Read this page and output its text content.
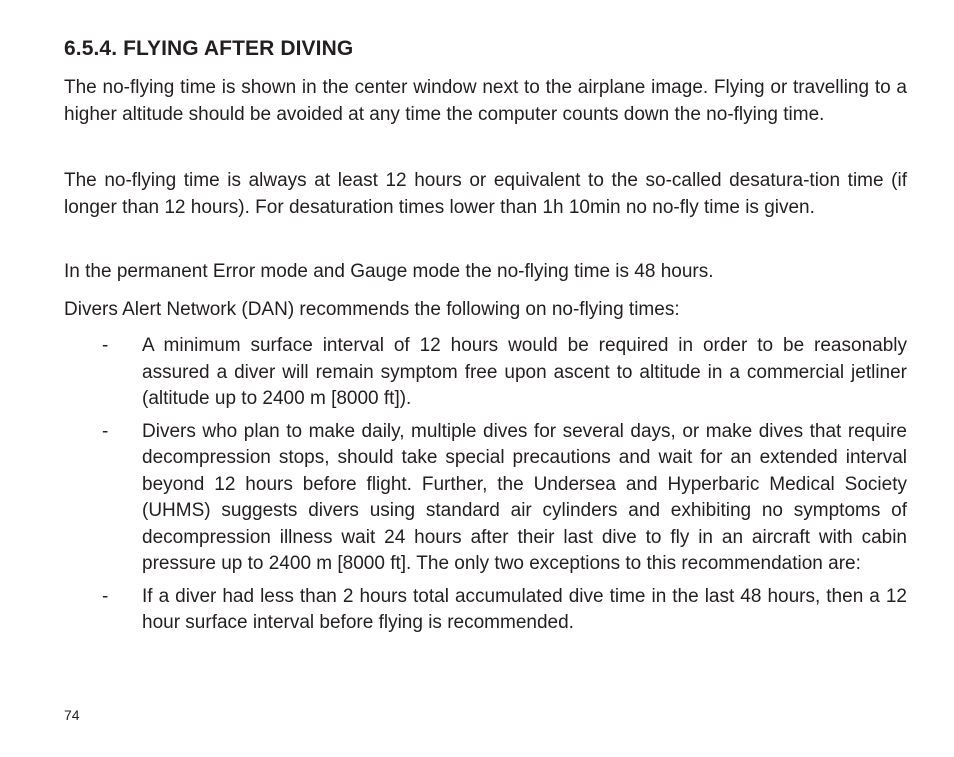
6.5.4. FLYING AFTER DIVING

The no-flying time is shown in the center window next to the airplane image. Flying or travelling to a higher altitude should be avoided at any time the computer counts down the no-flying time.

The no-flying time is always at least 12 hours or equivalent to the so-called desatura-tion time (if longer than 12 hours). For desaturation times lower than 1h 10min no no-fly time is given.

In the permanent Error mode and Gauge mode the no-flying time is 48 hours.

Divers Alert Network (DAN) recommends the following on no-flying times:

- A minimum surface interval of 12 hours would be required in order to be reasonably assured a diver will remain symptom free upon ascent to altitude in a commercial jetliner (altitude up to 2400 m [8000 ft]).
- Divers who plan to make daily, multiple dives for several days, or make dives that require decompression stops, should take special precautions and wait for an extended interval beyond 12 hours before flight. Further, the Undersea and Hyperbaric Medical Society (UHMS) suggests divers using standard air cylinders and exhibiting no symptoms of decompression illness wait 24 hours after their last dive to fly in an aircraft with cabin pressure up to 2400 m [8000 ft]. The only two exceptions to this recommendation are:
- If a diver had less than 2 hours total accumulated dive time in the last 48 hours, then a 12 hour surface interval before flying is recommended.
74
